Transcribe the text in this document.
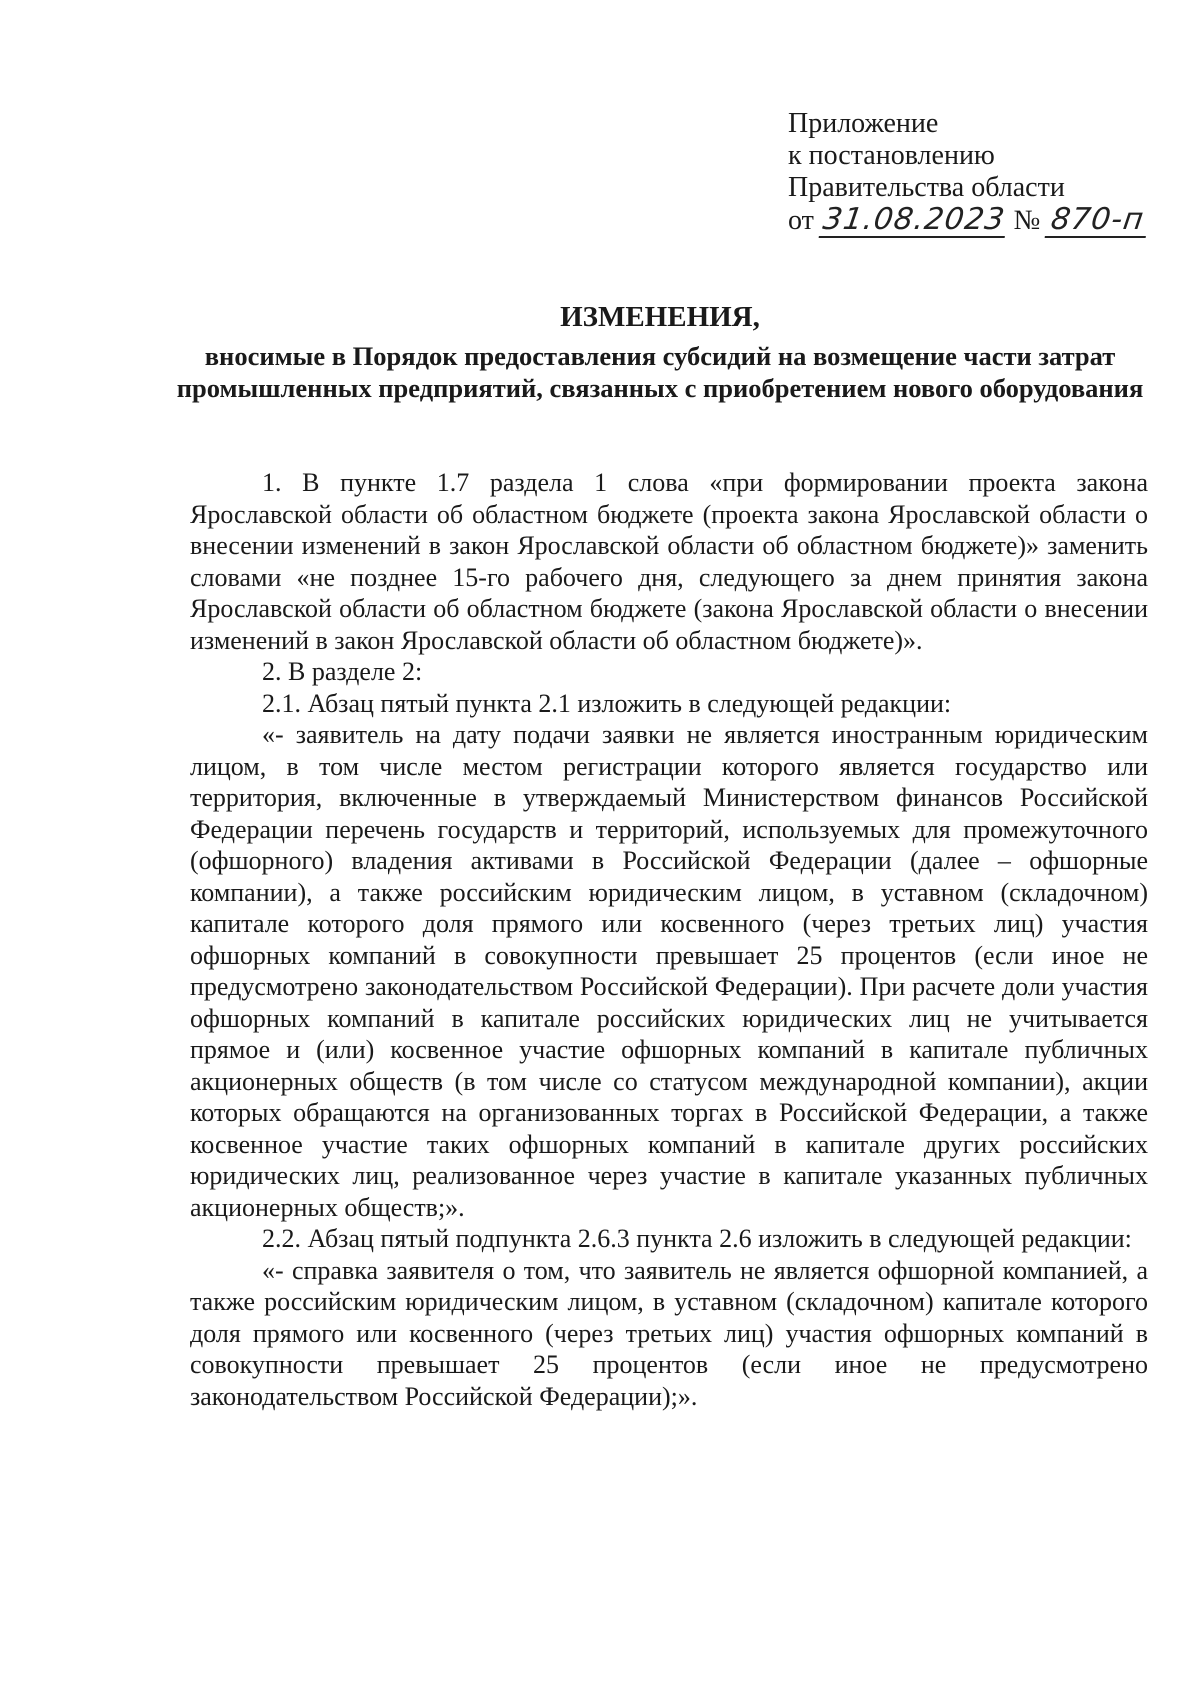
Приложение
к постановлению
Правительства области
от 31.08.2023 № 870-п
ИЗМЕНЕНИЯ,
вносимые в Порядок предоставления субсидий на возмещение части затрат промышленных предприятий, связанных с приобретением нового оборудования

1. В пункте 1.7 раздела 1 слова «при формировании проекта закона Ярославской области об областном бюджете (проекта закона Ярославской области о внесении изменений в закон Ярославской области об областном бюджете)» заменить словами «не позднее 15-го рабочего дня, следующего за днем принятия закона Ярославской области об областном бюджете (закона Ярославской области о внесении изменений в закон Ярославской области об областном бюджете)».

2. В разделе 2:

2.1. Абзац пятый пункта 2.1 изложить в следующей редакции:

«- заявитель на дату подачи заявки не является иностранным юридическим лицом, в том числе местом регистрации которого является государство или территория, включенные в утверждаемый Министерством финансов Российской Федерации перечень государств и территорий, используемых для промежуточного (офшорного) владения активами в Российской Федерации (далее – офшорные компании), а также российским юридическим лицом, в уставном (складочном) капитале которого доля прямого или косвенного (через третьих лиц) участия офшорных компаний в совокупности превышает 25 процентов (если иное не предусмотрено законодательством Российской Федерации). При расчете доли участия офшорных компаний в капитале российских юридических лиц не учитывается прямое и (или) косвенное участие офшорных компаний в капитале публичных акционерных обществ (в том числе со статусом международной компании), акции которых обращаются на организованных торгах в Российской Федерации, а также косвенное участие таких офшорных компаний в капитале других российских юридических лиц, реализованное через участие в капитале указанных публичных акционерных обществ;».

2.2. Абзац пятый подпункта 2.6.3 пункта 2.6 изложить в следующей редакции:

«- справка заявителя о том, что заявитель не является офшорной компанией, а также российским юридическим лицом, в уставном (складочном) капитале которого доля прямого или косвенного (через третьих лиц) участия офшорных компаний в совокупности превышает 25 процентов (если иное не предусмотрено законодательством Российской Федерации);».
